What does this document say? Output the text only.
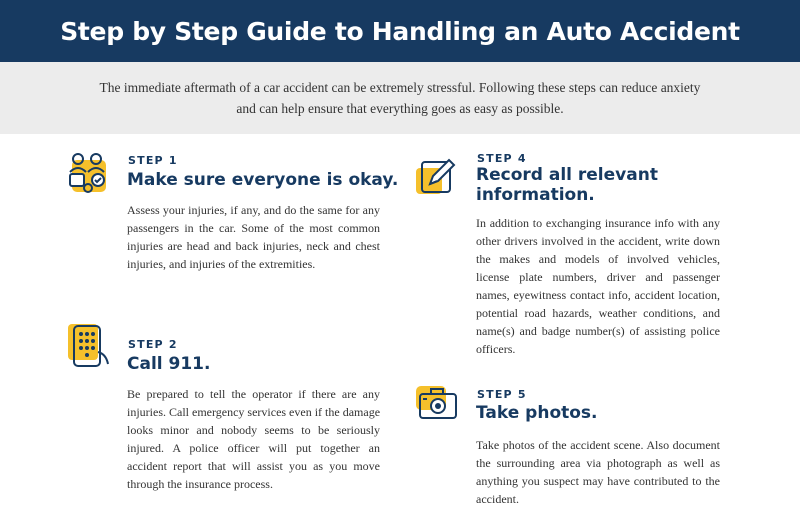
Step by Step Guide to Handling an Auto Accident

The immediate aftermath of a car accident can be extremely stressful. Following these steps can reduce anxiety and can help ensure that everything goes as easy as possible.

STEP 1
Make sure everyone is okay.

Assess your injuries, if any, and do the same for any passengers in the car. Some of the most common injuries are head and back injuries, neck and chest injuries, and injuries of the extremities.

STEP 2
Call 911.

Be prepared to tell the operator if there are any injuries. Call emergency services even if the damage looks minor and nobody seems to be seriously injured. A police officer will put together an accident report that will assist you as you move through the insurance process.

STEP 4
Record all relevant information.

In addition to exchanging insurance info with any other drivers involved in the accident, write down the makes and models of involved vehicles, license plate numbers, driver and passenger names, eyewitness contact info, accident location, potential road hazards, weather conditions, and name(s) and badge number(s) of assisting police officers.

STEP 5
Take photos.

Take photos of the accident scene. Also document the surrounding area via photograph as well as anything you suspect may have contributed to the accident.
